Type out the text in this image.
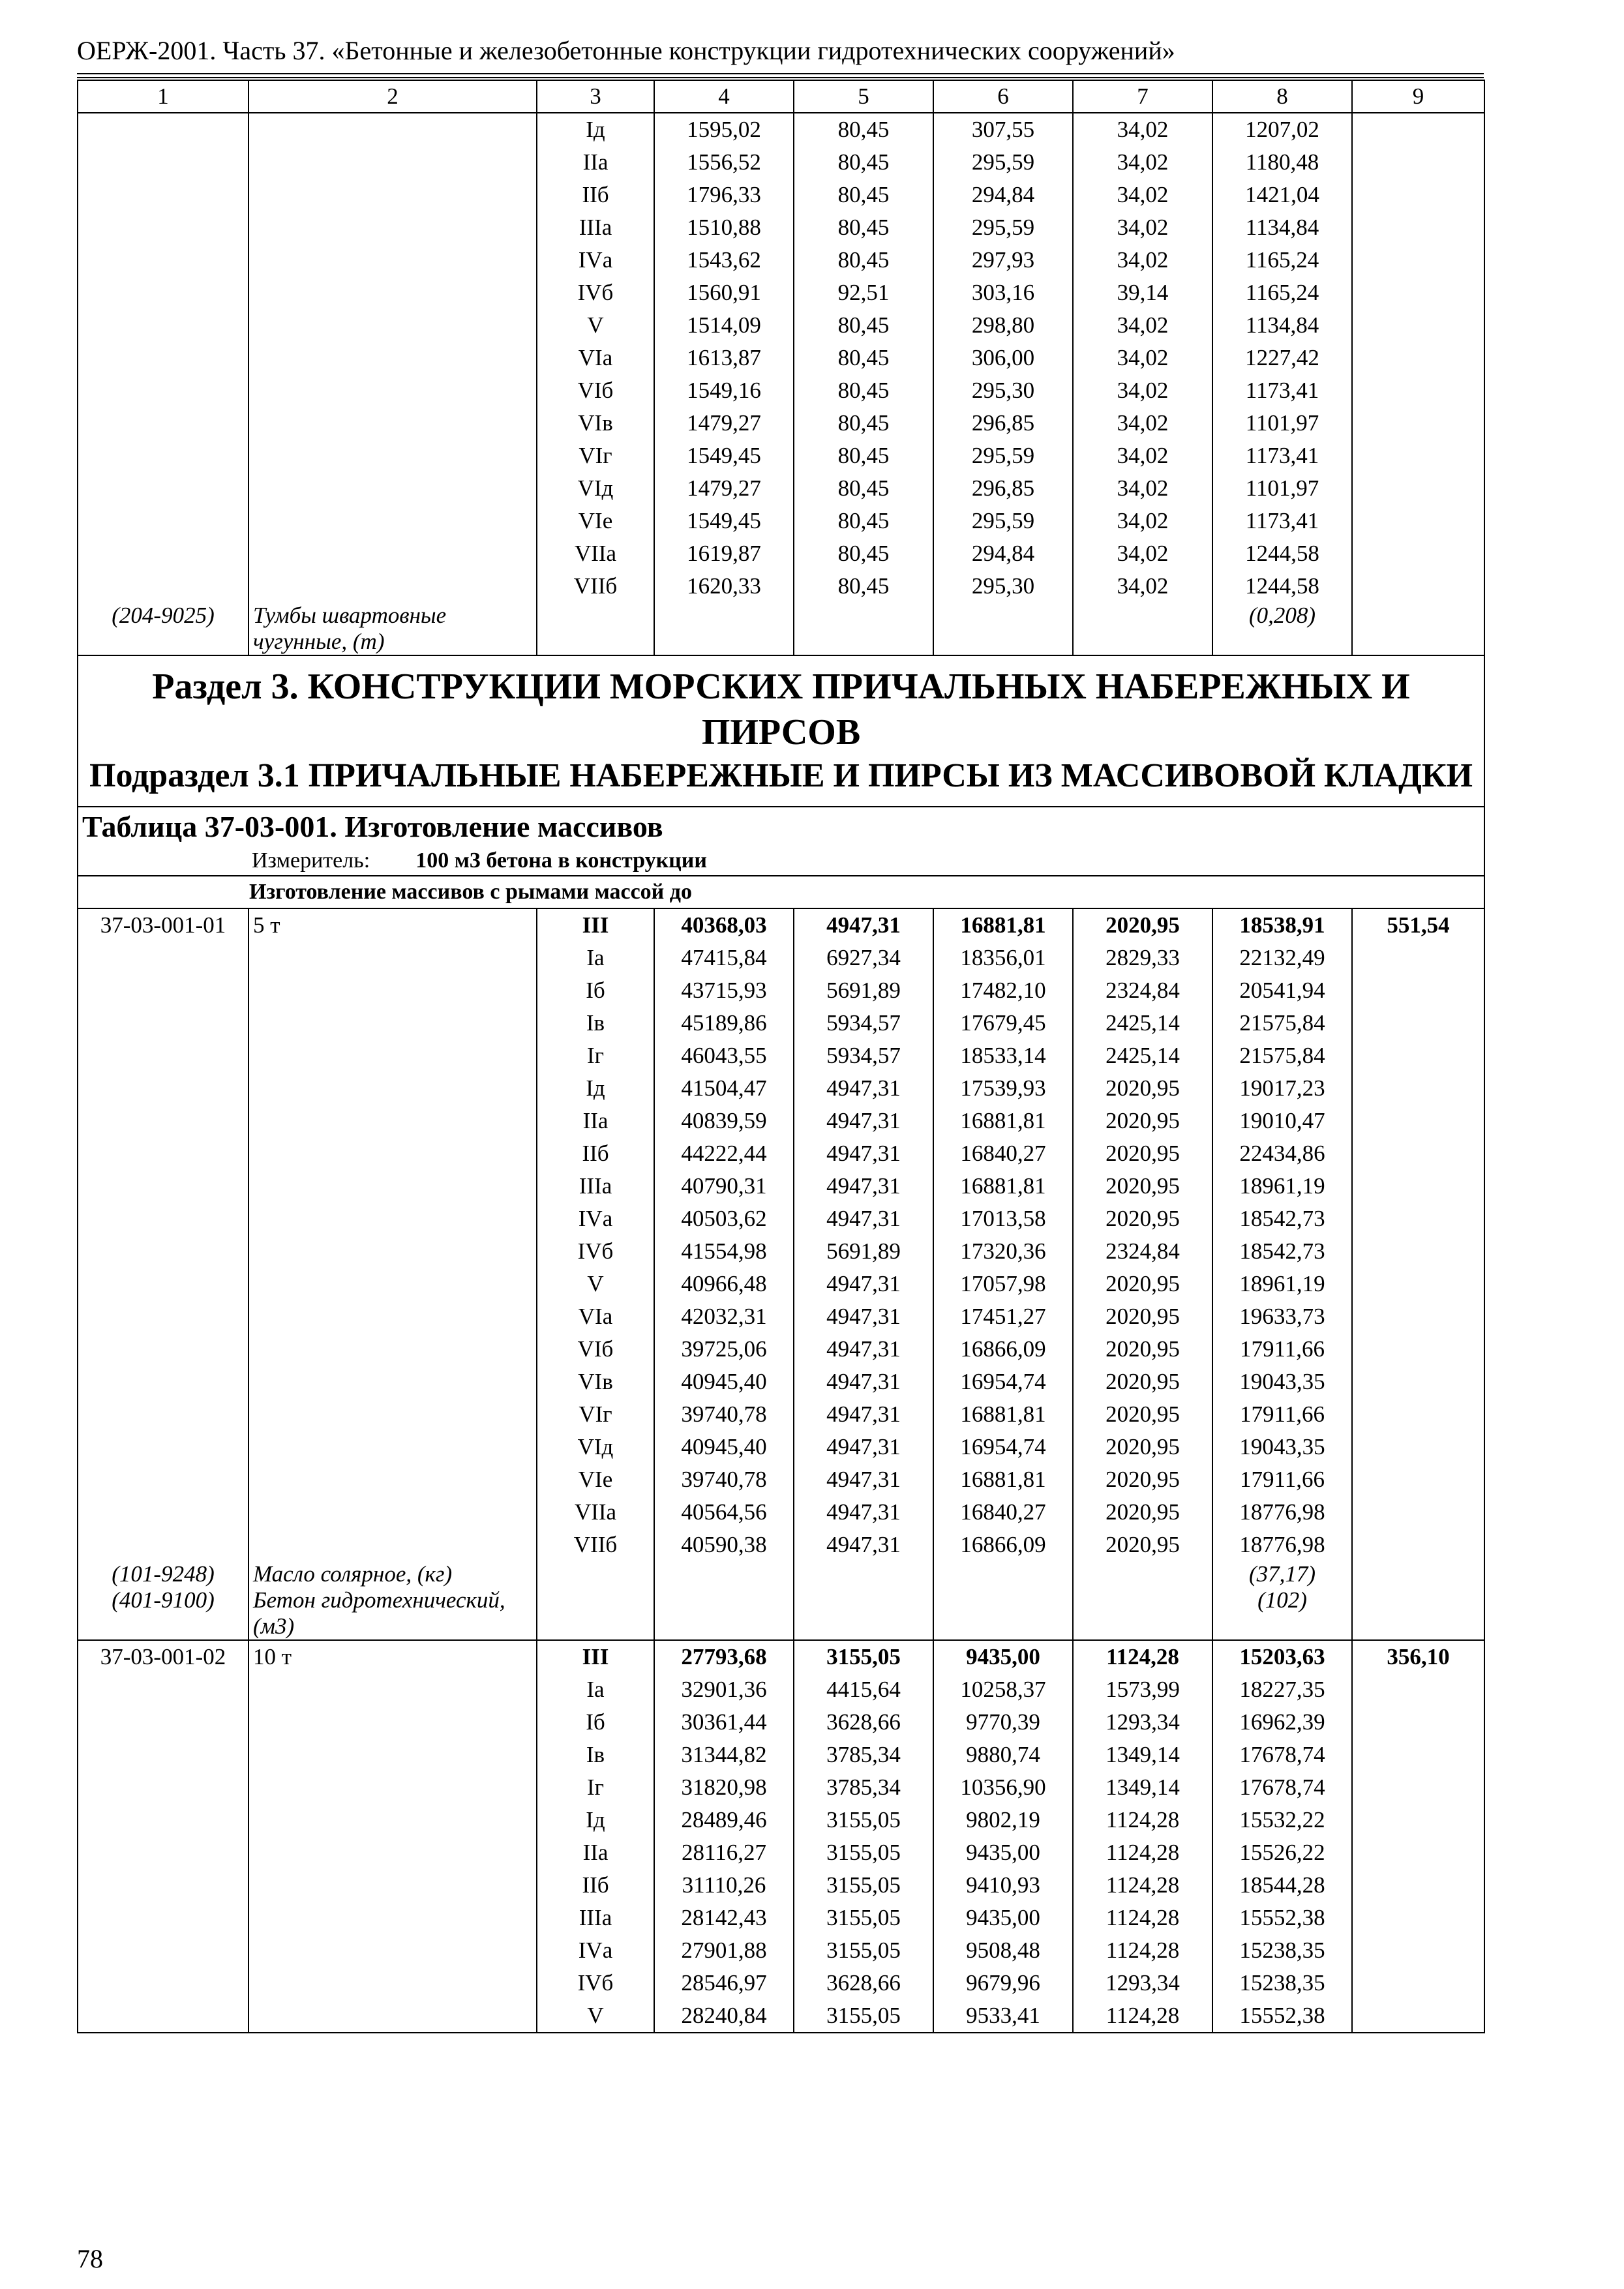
ОЕРЖ-2001. Часть 37. «Бетонные и железобетонные конструкции гидротехнических сооружений»
1	2	3	4	5	6	7	8	9
		Iд	1595,02	80,45	307,55	34,02	1207,02	
		IIа	1556,52	80,45	295,59	34,02	1180,48	
		IIб	1796,33	80,45	294,84	34,02	1421,04	
		IIIа	1510,88	80,45	295,59	34,02	1134,84	
		IVа	1543,62	80,45	297,93	34,02	1165,24	
		IVб	1560,91	92,51	303,16	39,14	1165,24	
		V	1514,09	80,45	298,80	34,02	1134,84	
		VIа	1613,87	80,45	306,00	34,02	1227,42	
		VIб	1549,16	80,45	295,30	34,02	1173,41	
		VIв	1479,27	80,45	296,85	34,02	1101,97	
		VIг	1549,45	80,45	295,59	34,02	1173,41	
		VIд	1479,27	80,45	296,85	34,02	1101,97	
		VIе	1549,45	80,45	295,59	34,02	1173,41	
		VIIа	1619,87	80,45	294,84	34,02	1244,58	
		VIIб	1620,33	80,45	295,30	34,02	1244,58	
(204-9025)	Тумбы швартовные чугунные, (т)						(0,208)	

Раздел 3. КОНСТРУКЦИИ МОРСКИХ ПРИЧАЛЬНЫХ НАБЕРЕЖНЫХ И ПИРСОВ
Подраздел 3.1 ПРИЧАЛЬНЫЕ НАБЕРЕЖНЫЕ И ПИРСЫ ИЗ МАССИВОВОЙ КЛАДКИ								

Таблица 37-03-001. Изготовление массивов
Измеритель: 100 м3 бетона в конструкции								

Изготовление массивов с рымами массой до								
37-03-001-01	5 т	III	40368,03	4947,31	16881,81	2020,95	18538,91	551,54
		Iа	47415,84	6927,34	18356,01	2829,33	22132,49	
		Iб	43715,93	5691,89	17482,10	2324,84	20541,94	
		Iв	45189,86	5934,57	17679,45	2425,14	21575,84	
		Iг	46043,55	5934,57	18533,14	2425,14	21575,84	
		Iд	41504,47	4947,31	17539,93	2020,95	19017,23	
		IIа	40839,59	4947,31	16881,81	2020,95	19010,47	
		IIб	44222,44	4947,31	16840,27	2020,95	22434,86	
		IIIа	40790,31	4947,31	16881,81	2020,95	18961,19	
		IVа	40503,62	4947,31	17013,58	2020,95	18542,73	
		IVб	41554,98	5691,89	17320,36	2324,84	18542,73	
		V	40966,48	4947,31	17057,98	2020,95	18961,19	
		VIа	42032,31	4947,31	17451,27	2020,95	19633,73	
		VIб	39725,06	4947,31	16866,09	2020,95	17911,66	
		VIв	40945,40	4947,31	16954,74	2020,95	19043,35	
		VIг	39740,78	4947,31	16881,81	2020,95	17911,66	
		VIд	40945,40	4947,31	16954,74	2020,95	19043,35	
		VIе	39740,78	4947,31	16881,81	2020,95	17911,66	
		VIIа	40564,56	4947,31	16840,27	2020,95	18776,98	
		VIIб	40590,38	4947,31	16866,09	2020,95	18776,98	
(101-9248)	Масло солярное, (кг)						(37,17)	
(401-9100)	Бетон гидротехнический, (м3)						(102)	
37-03-001-02	10 т	III	27793,68	3155,05	9435,00	1124,28	15203,63	356,10
		Iа	32901,36	4415,64	10258,37	1573,99	18227,35	
		Iб	30361,44	3628,66	9770,39	1293,34	16962,39	
		Iв	31344,82	3785,34	9880,74	1349,14	17678,74	
		Iг	31820,98	3785,34	10356,90	1349,14	17678,74	
		Iд	28489,46	3155,05	9802,19	1124,28	15532,22	
		IIа	28116,27	3155,05	9435,00	1124,28	15526,22	
		IIб	31110,26	3155,05	9410,93	1124,28	18544,28	
		IIIа	28142,43	3155,05	9435,00	1124,28	15552,38	
		IVа	27901,88	3155,05	9508,48	1124,28	15238,35	
		IVб	28546,97	3628,66	9679,96	1293,34	15238,35	
		V	28240,84	3155,05	9533,41	1124,28	15552,38	
78
